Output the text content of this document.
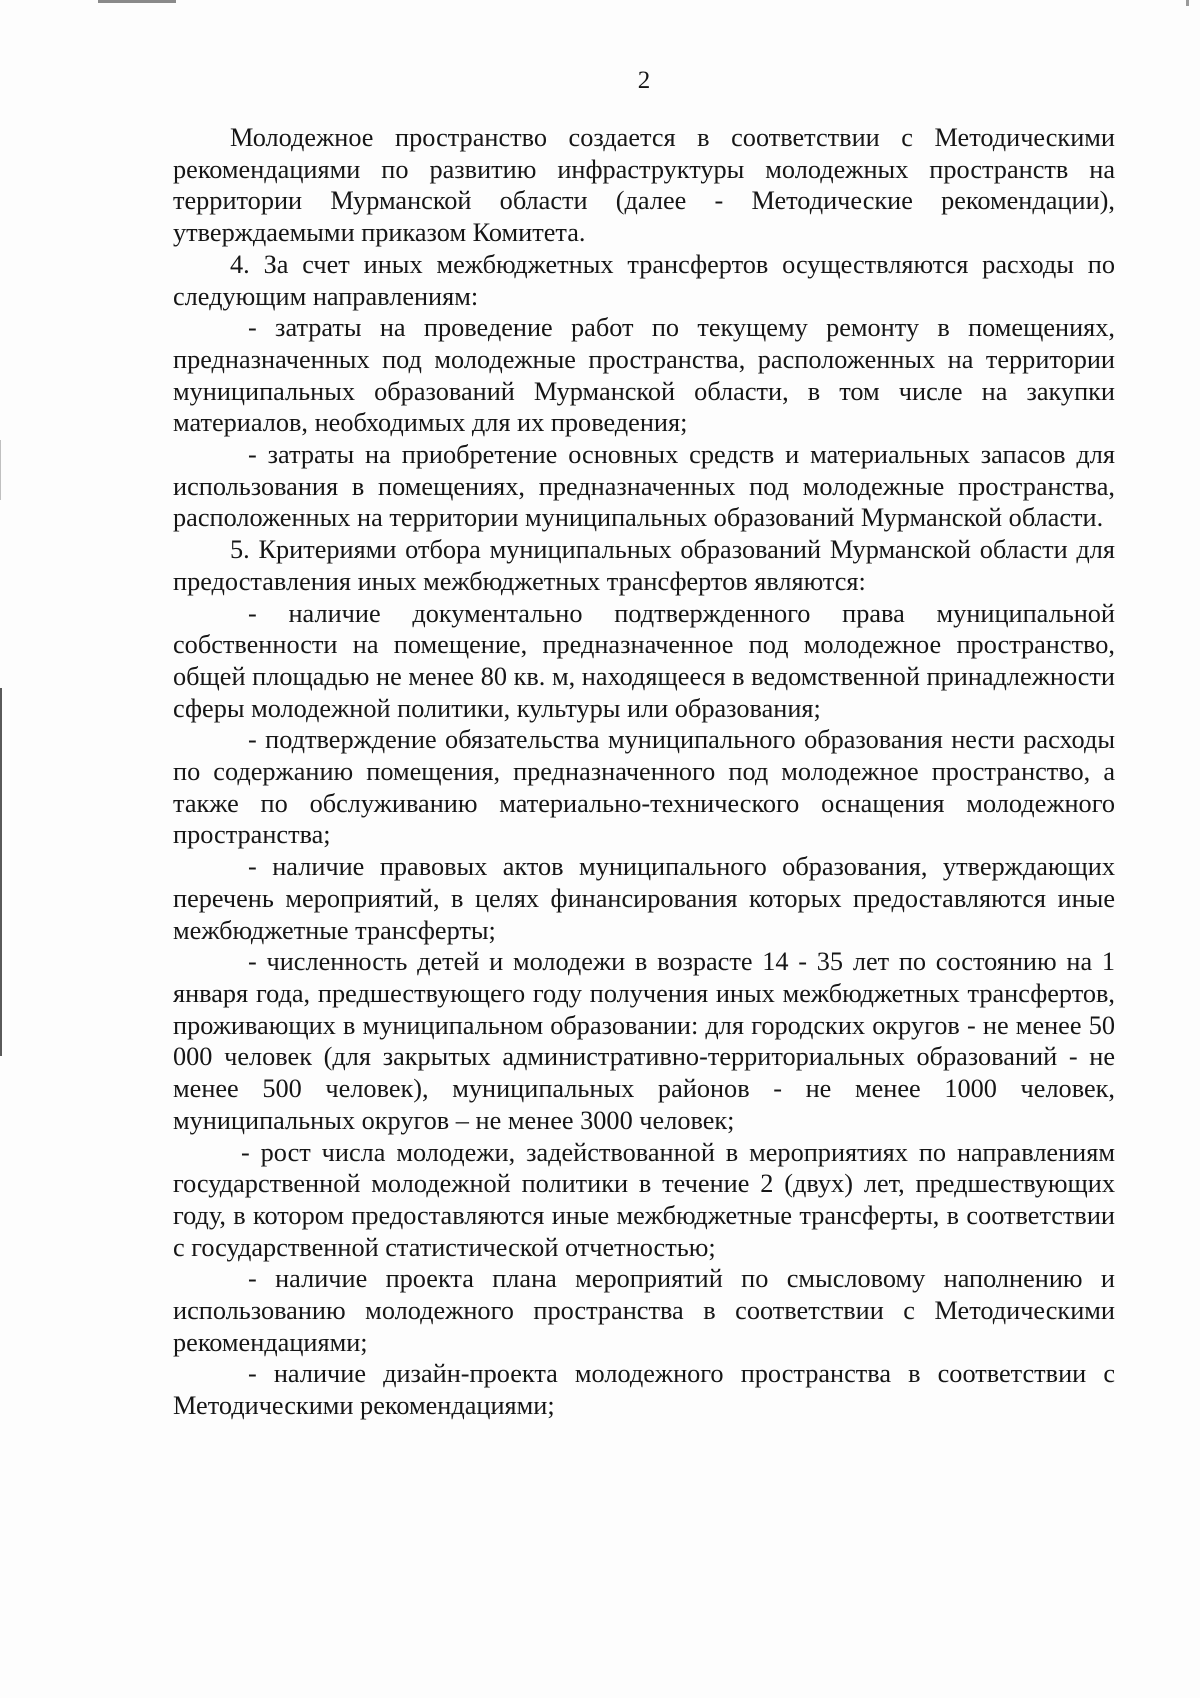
2

Молодежное пространство создается в соответствии с Методическими рекомендациями по развитию инфраструктуры молодежных пространств на территории Мурманской области (далее - Методические рекомендации), утверждаемыми приказом Комитета.

4. За счет иных межбюджетных трансфертов осуществляются расходы по следующим направлениям:

- затраты на проведение работ по текущему ремонту в помещениях, предназначенных под молодежные пространства, расположенных на территории муниципальных образований Мурманской области, в том числе на закупки материалов, необходимых для их проведения;

- затраты на приобретение основных средств и материальных запасов для использования в помещениях, предназначенных под молодежные пространства, расположенных на территории муниципальных образований Мурманской области.

5. Критериями отбора муниципальных образований Мурманской области для предоставления иных межбюджетных трансфертов являются:

- наличие документально подтвержденного права муниципальной собственности на помещение, предназначенное под молодежное пространство, общей площадью не менее 80 кв. м, находящееся в ведомственной принадлежности сферы молодежной политики, культуры или образования;

- подтверждение обязательства муниципального образования нести расходы по содержанию помещения, предназначенного под молодежное пространство, а также по обслуживанию материально-технического оснащения молодежного пространства;

- наличие правовых актов муниципального образования, утверждающих перечень мероприятий, в целях финансирования которых предоставляются иные межбюджетные трансферты;

- численность детей и молодежи в возрасте 14 - 35 лет по состоянию на 1 января года, предшествующего году получения иных межбюджетных трансфертов, проживающих в муниципальном образовании: для городских округов - не менее 50 000 человек (для закрытых административно-территориальных образований - не менее 500 человек), муниципальных районов - не менее 1000 человек, муниципальных округов – не менее 3000 человек;

- рост числа молодежи, задействованной в мероприятиях по направлениям государственной молодежной политики в течение 2 (двух) лет, предшествующих году, в котором предоставляются иные межбюджетные трансферты, в соответствии с государственной статистической отчетностью;

- наличие проекта плана мероприятий по смысловому наполнению и использованию молодежного пространства в соответствии с Методическими рекомендациями;

- наличие дизайн-проекта молодежного пространства в соответствии с Методическими рекомендациями;
